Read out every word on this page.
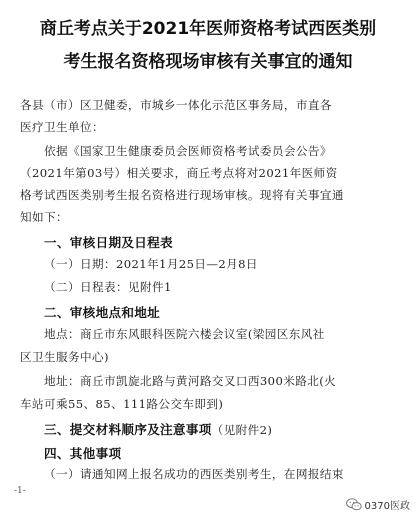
商丘考点关于2021年医师资格考试西医类别
考生报名资格现场审核有关事宜的通知
各县（市）区卫健委，市城乡一体化示范区事务局，市直各
医疗卫生单位：
依据《国家卫生健康委员会医师资格考试委员会公告》
（2021年第03号）相关要求，商丘考点将对2021年医师资
格考试西医类别考生报名资格进行现场审核。现将有关事宜通
知如下：
一、审核日期及日程表
（一）日期：2021年1月25日—2月8日
（二）日程表：见附件1
二、审核地点和地址
地点：商丘市东风眼科医院六楼会议室(梁园区东风社
区卫生服务中心)
地址：商丘市凯旋北路与黄河路交叉口西300米路北(火
车站可乘55、85、111路公交车即到)
三、提交材料顺序及注意事项（见附件2)
四、其他事项
（一）请通知网上报名成功的西医类别考生，在网报结束
-1-
0370医政
